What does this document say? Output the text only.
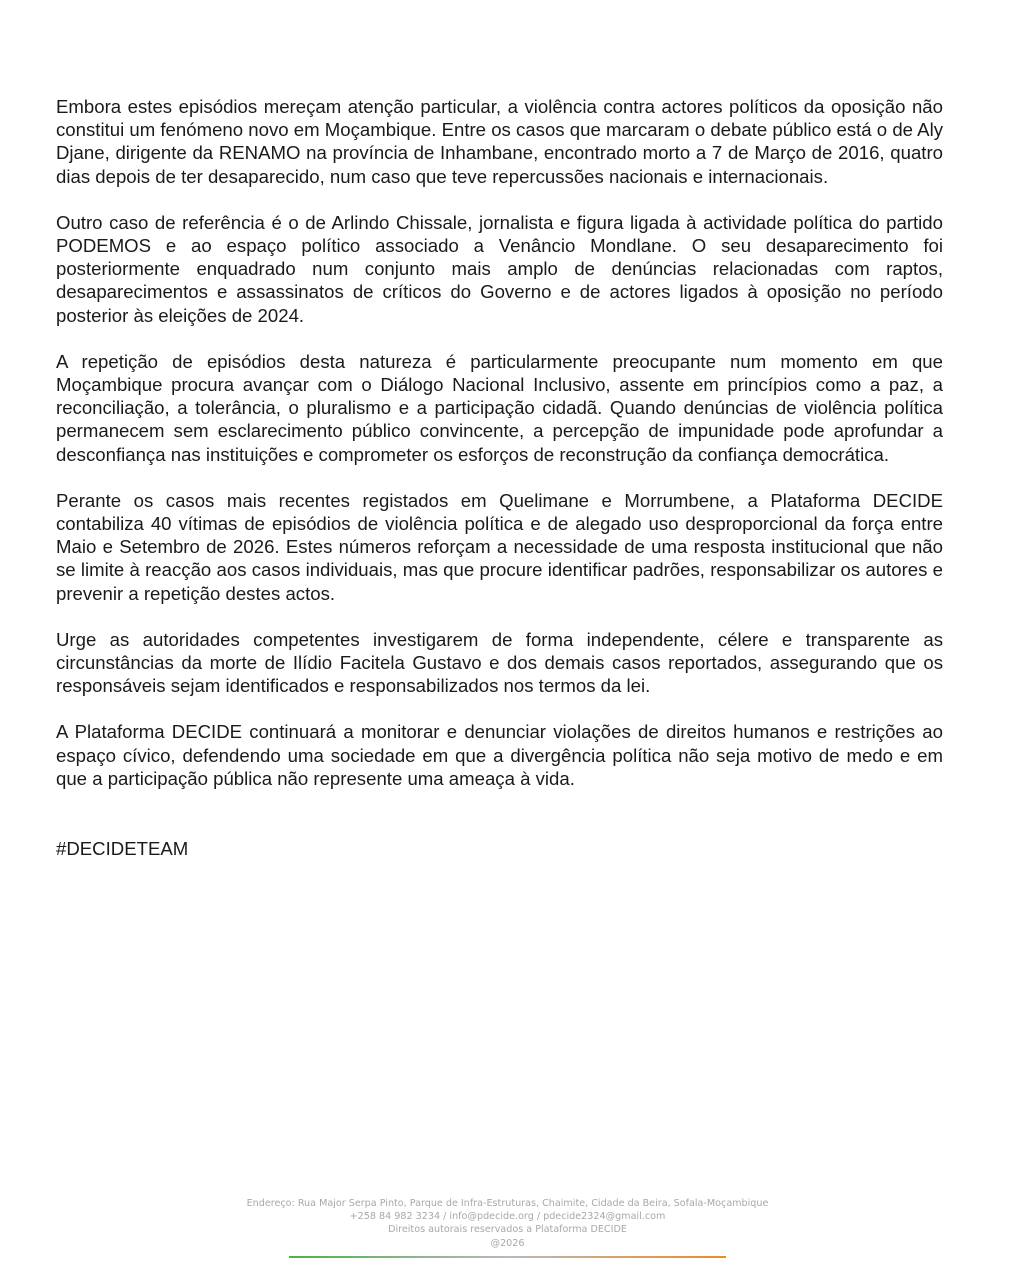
Embora estes episódios mereçam atenção particular, a violência contra actores políticos da oposição não constitui um fenómeno novo em Moçambique. Entre os casos que marcaram o debate público está o de Aly Djane, dirigente da RENAMO na província de Inhambane, encontrado morto a 7 de Março de 2016, quatro dias depois de ter desaparecido, num caso que teve repercussões nacionais e internacionais.

Outro caso de referência é o de Arlindo Chissale, jornalista e figura ligada à actividade política do partido PODEMOS e ao espaço político associado a Venâncio Mondlane. O seu desaparecimento foi posteriormente enquadrado num conjunto mais amplo de denúncias relacionadas com raptos, desaparecimentos e assassinatos de críticos do Governo e de actores ligados à oposição no período posterior às eleições de 2024.

A repetição de episódios desta natureza é particularmente preocupante num momento em que Moçambique procura avançar com o Diálogo Nacional Inclusivo, assente em princípios como a paz, a reconciliação, a tolerância, o pluralismo e a participação cidadã. Quando denúncias de violência política permanecem sem esclarecimento público convincente, a percepção de impunidade pode aprofundar a desconfiança nas instituições e comprometer os esforços de reconstrução da confiança democrática.

Perante os casos mais recentes registados em Quelimane e Morrumbene, a Plataforma DECIDE contabiliza 40 vítimas de episódios de violência política e de alegado uso desproporcional da força entre Maio e Setembro de 2026. Estes números reforçam a necessidade de uma resposta institucional que não se limite à reacção aos casos individuais, mas que procure identificar padrões, responsabilizar os autores e prevenir a repetição destes actos.

Urge as autoridades competentes investigarem de forma independente, célere e transparente as circunstâncias da morte de Ilídio Facitela Gustavo e dos demais casos reportados, assegurando que os responsáveis sejam identificados e responsabilizados nos termos da lei.

A Plataforma DECIDE continuará a monitorar e denunciar violações de direitos humanos e restrições ao espaço cívico, defendendo uma sociedade em que a divergência política não seja motivo de medo e em que a participação pública não represente uma ameaça à vida.

#DECIDETEAM
Endereço: Rua Major Serpa Pinto, Parque de Infra-Estruturas, Chaimite, Cidade da Beira, Sofala-Moçambique
+258 84 982 3234 / info@pdecide.org / pdecide2324@gmail.com
Direitos autorais reservados a Plataforma DECIDE
@2026
